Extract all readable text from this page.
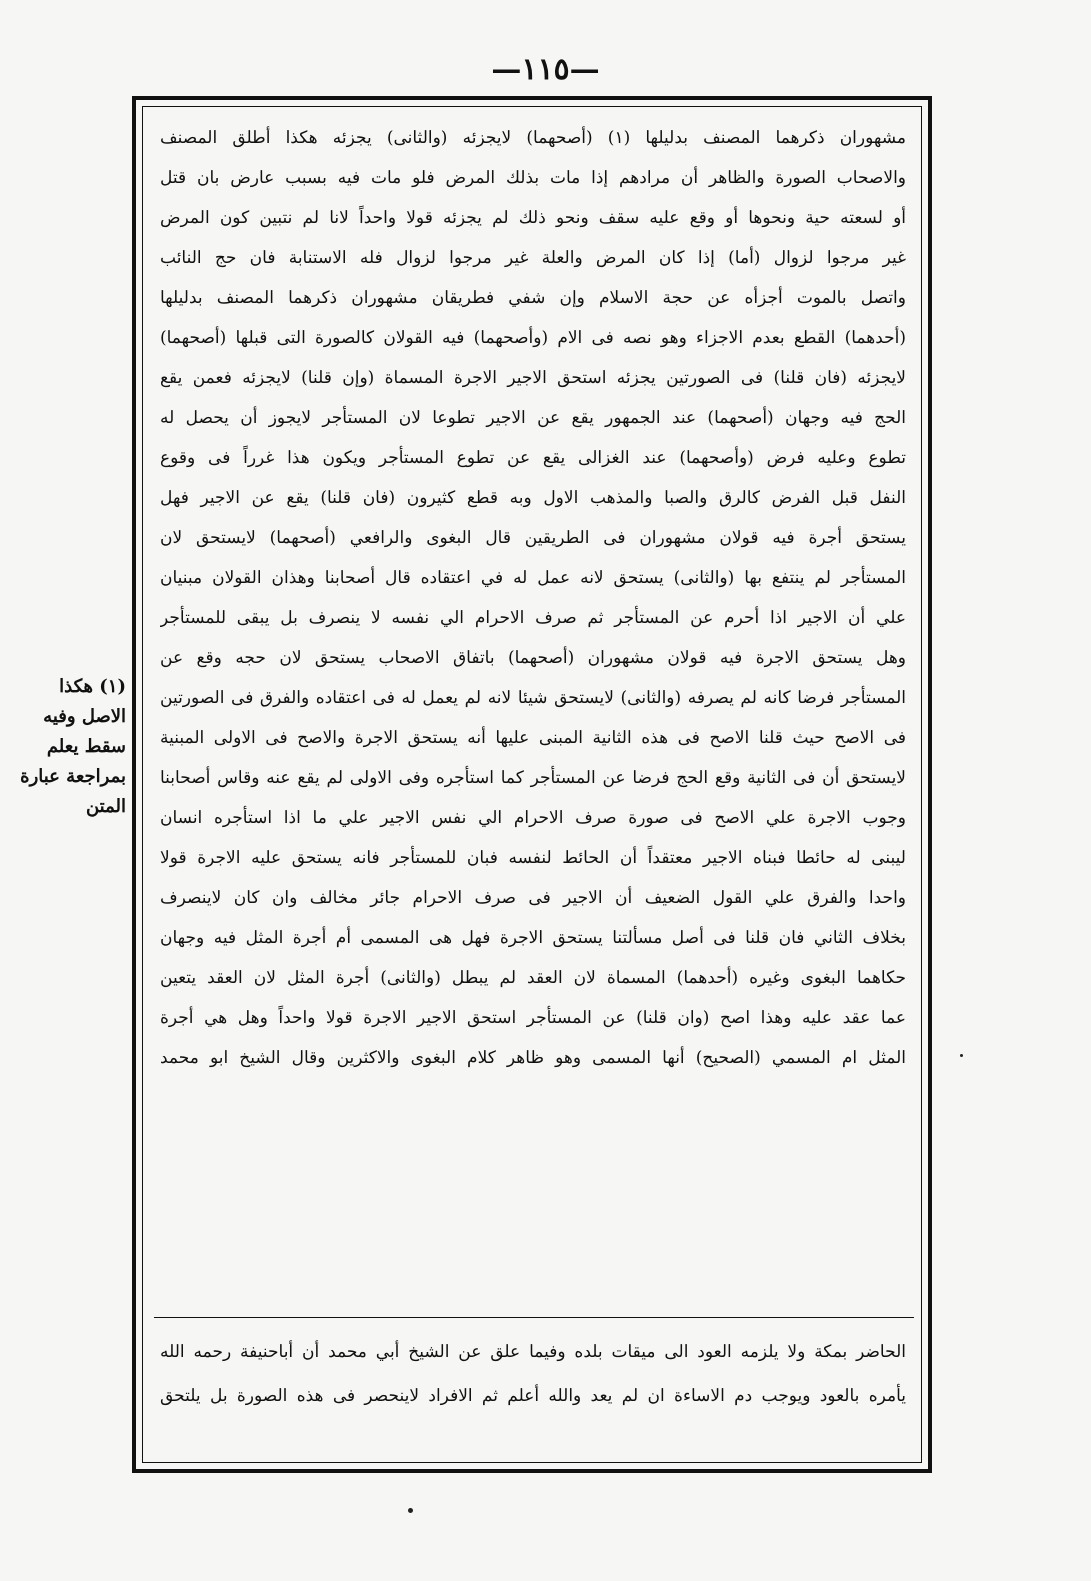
—١١٥—
مشهوران ذكرهما المصنف بدليلها (١) (أصحهما) لايجزئه (والثانى) يجزئه هكذا أطلق المصنف
والاصحاب الصورة والظاهر أن مرادهم إذا مات بذلك المرض فلو مات فيه بسبب عارض بان قتل
أو لسعته حية ونحوها أو وقع عليه سقف ونحو ذلك لم يجزئه قولا واحداً لانا لم نتبين كون المرض
غير مرجوا لزوال (أما) إذا كان المرض والعلة غير مرجوا لزوال فله الاستنابة فان حج النائب
واتصل بالموت أجزأه عن حجة الاسلام وإن شفي فطريقان مشهوران ذكرهما المصنف بدليلها
(أحدهما) القطع بعدم الاجزاء وهو نصه فى الام (وأصحهما) فيه القولان كالصورة التى قبلها (أصحهما)
لايجزئه (فان قلنا) فى الصورتين يجزئه استحق الاجير الاجرة المسماة (وإن قلنا) لايجزئه فعمن يقع
الحج فيه وجهان (أصحهما) عند الجمهور يقع عن الاجير تطوعا لان المستأجر لايجوز أن يحصل له
تطوع وعليه فرض (وأصحهما) عند الغزالى يقع عن تطوع المستأجر ويكون هذا غرراً فى وقوع
النفل قبل الفرض كالرق والصبا والمذهب الاول وبه قطع كثيرون (فان قلنا) يقع عن الاجير فهل
يستحق أجرة فيه قولان مشهوران فى الطريقين قال البغوى والرافعي (أصحهما) لايستحق لان
المستأجر لم ينتفع بها (والثانى) يستحق لانه عمل له في اعتقاده قال أصحابنا وهذان القولان مبنيان
علي أن الاجير اذا أحرم عن المستأجر ثم صرف الاحرام الي نفسه لا ينصرف بل يبقى للمستأجر
وهل يستحق الاجرة فيه قولان مشهوران (أصحهما) باتفاق الاصحاب يستحق لان حجه وقع عن
المستأجر فرضا كانه لم يصرفه (والثانى) لايستحق شيئا لانه لم يعمل له فى اعتقاده والفرق فى الصورتين
فى الاصح حيث قلنا الاصح فى هذه الثانية المبنى عليها أنه يستحق الاجرة والاصح فى الاولى المبنية
لايستحق أن فى الثانية وقع الحج فرضا عن المستأجر كما استأجره وفى الاولى لم يقع عنه وقاس أصحابنا
وجوب الاجرة علي الاصح فى صورة صرف الاحرام الي نفس الاجير علي ما اذا استأجره انسان
ليبنى له حائطا فبناه الاجير معتقداً أن الحائط لنفسه فبان للمستأجر فانه يستحق عليه الاجرة قولا
واحدا والفرق علي القول الضعيف أن الاجير فى صرف الاحرام جائر مخالف وان كان لاينصرف
بخلاف الثاني فان قلنا فى أصل مسألتنا يستحق الاجرة فهل هى المسمى أم أجرة المثل فيه وجهان
حكاهما البغوى وغيره (أحدهما) المسماة لان العقد لم يبطل (والثانى) أجرة المثل لان العقد يتعين
عما عقد عليه وهذا اصح (وان قلنا) عن المستأجر استحق الاجير الاجرة قولا واحداً وهل هي أجرة
المثل ام المسمي (الصحيح) أنها المسمى وهو ظاهر كلام البغوى والاكثرين وقال الشيخ ابو محمد
الحاضر بمكة ولا يلزمه العود الى ميقات بلده وفيما علق عن الشيخ أبي محمد أن أباحنيفة رحمه الله
يأمره بالعود ويوجب دم الاساءة ان لم يعد والله أعلم ثم الافراد لاينحصر فى هذه الصورة بل يلتحق
(١) هكذا
الاصل وفيه
سقط يعلم
بمراجعة عبارة
المتن
